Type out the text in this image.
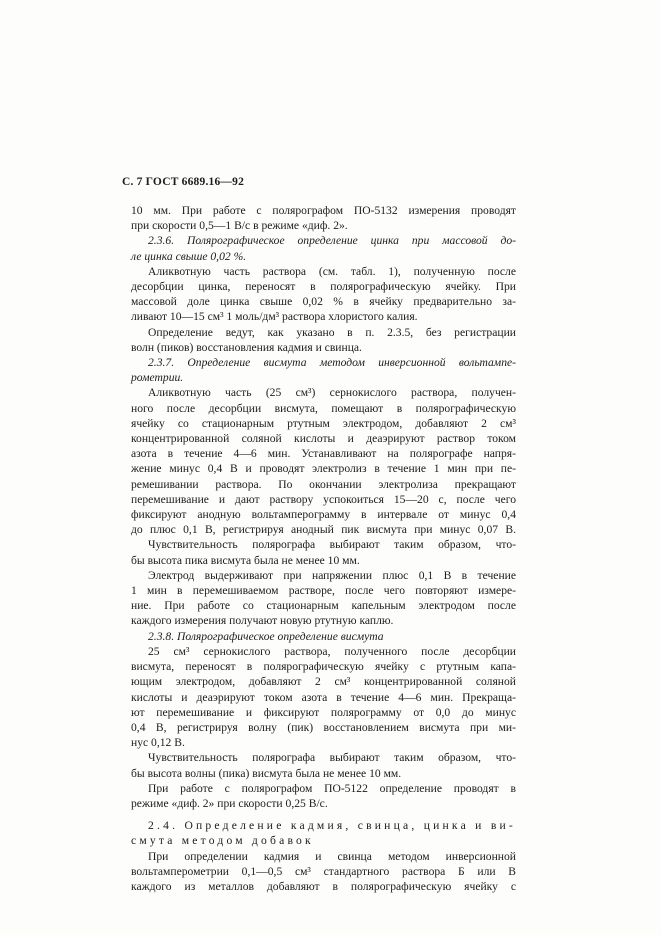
С. 7 ГОСТ 6689.16—92
10 мм. При работе с полярографом ПО-5132 измерения проводят
при скорости 0,5—1 В/с в режиме «диф. 2».
2.3.6. Полярографическое определение цинка при массовой до-
ле цинка свыше 0,02 %.
Аликвотную часть раствора (см. табл. 1), полученную после
десорбции цинка, переносят в полярографическую ячейку. При
массовой доле цинка свыше 0,02 % в ячейку предварительно за-
ливают 10—15 см³ 1 моль/дм³ раствора хлористого калия.
Определение ведут, как указано в п. 2.3.5, без регистрации
волн (пиков) восстановления кадмия и свинца.
2.3.7. Определение висмута методом инверсионной вольтампе-
рометрии.
Аликвотную часть (25 см³) сернокислого раствора, получен-
ного после десорбции висмута, помещают в полярографическую
ячейку со стационарным ртутным электродом, добавляют 2 см³
концентрированной соляной кислоты и деаэрируют раствор током
азота в течение 4—6 мин. Устанавливают на полярографе напря-
жение минус 0,4 В и проводят электролиз в течение 1 мин при пе-
ремешивании раствора. По окончании электролиза прекращают
перемешивание и дают раствору успокоиться 15—20 с, после чего
фиксируют анодную вольтамперограмму в интервале от минус 0,4
до плюс 0,1 В, регистрируя анодный пик висмута при минус 0,07 В.
Чувствительность полярографа выбирают таким образом, что-
бы высота пика висмута была не менее 10 мм.
Электрод выдерживают при напряжении плюс 0,1 В в течение
1 мин в перемешиваемом растворе, после чего повторяют измере-
ние. При работе со стационарным капельным электродом после
каждого измерения получают новую ртутную каплю.
2.3.8. Полярографическое определение висмута
25 см³ сернокислого раствора, полученного после десорбции
висмута, переносят в полярографическую ячейку с ртутным капа-
ющим электродом, добавляют 2 см³ концентрированной соляной
кислоты и деаэрируют током азота в течение 4—6 мин. Прекраща-
ют перемешивание и фиксируют полярограмму от 0,0 до минус
0,4 В, регистрируя волну (пик) восстановлением висмута при ми-
нус 0,12 В.
Чувствительность полярографа выбирают таким образом, что-
бы высота волны (пика) висмута была не менее 10 мм.
При работе с полярографом ПО-5122 определение проводят в
режиме «диф. 2» при скорости 0,25 В/с.
2.4. Определение кадмия, свинца, цинка и ви-
смута методом добавок
При определении кадмия и свинца методом инверсионной
вольтамперометрии 0,1—0,5 см³ стандартного раствора Б или В
каждого из металлов добавляют в полярографическую ячейку с
